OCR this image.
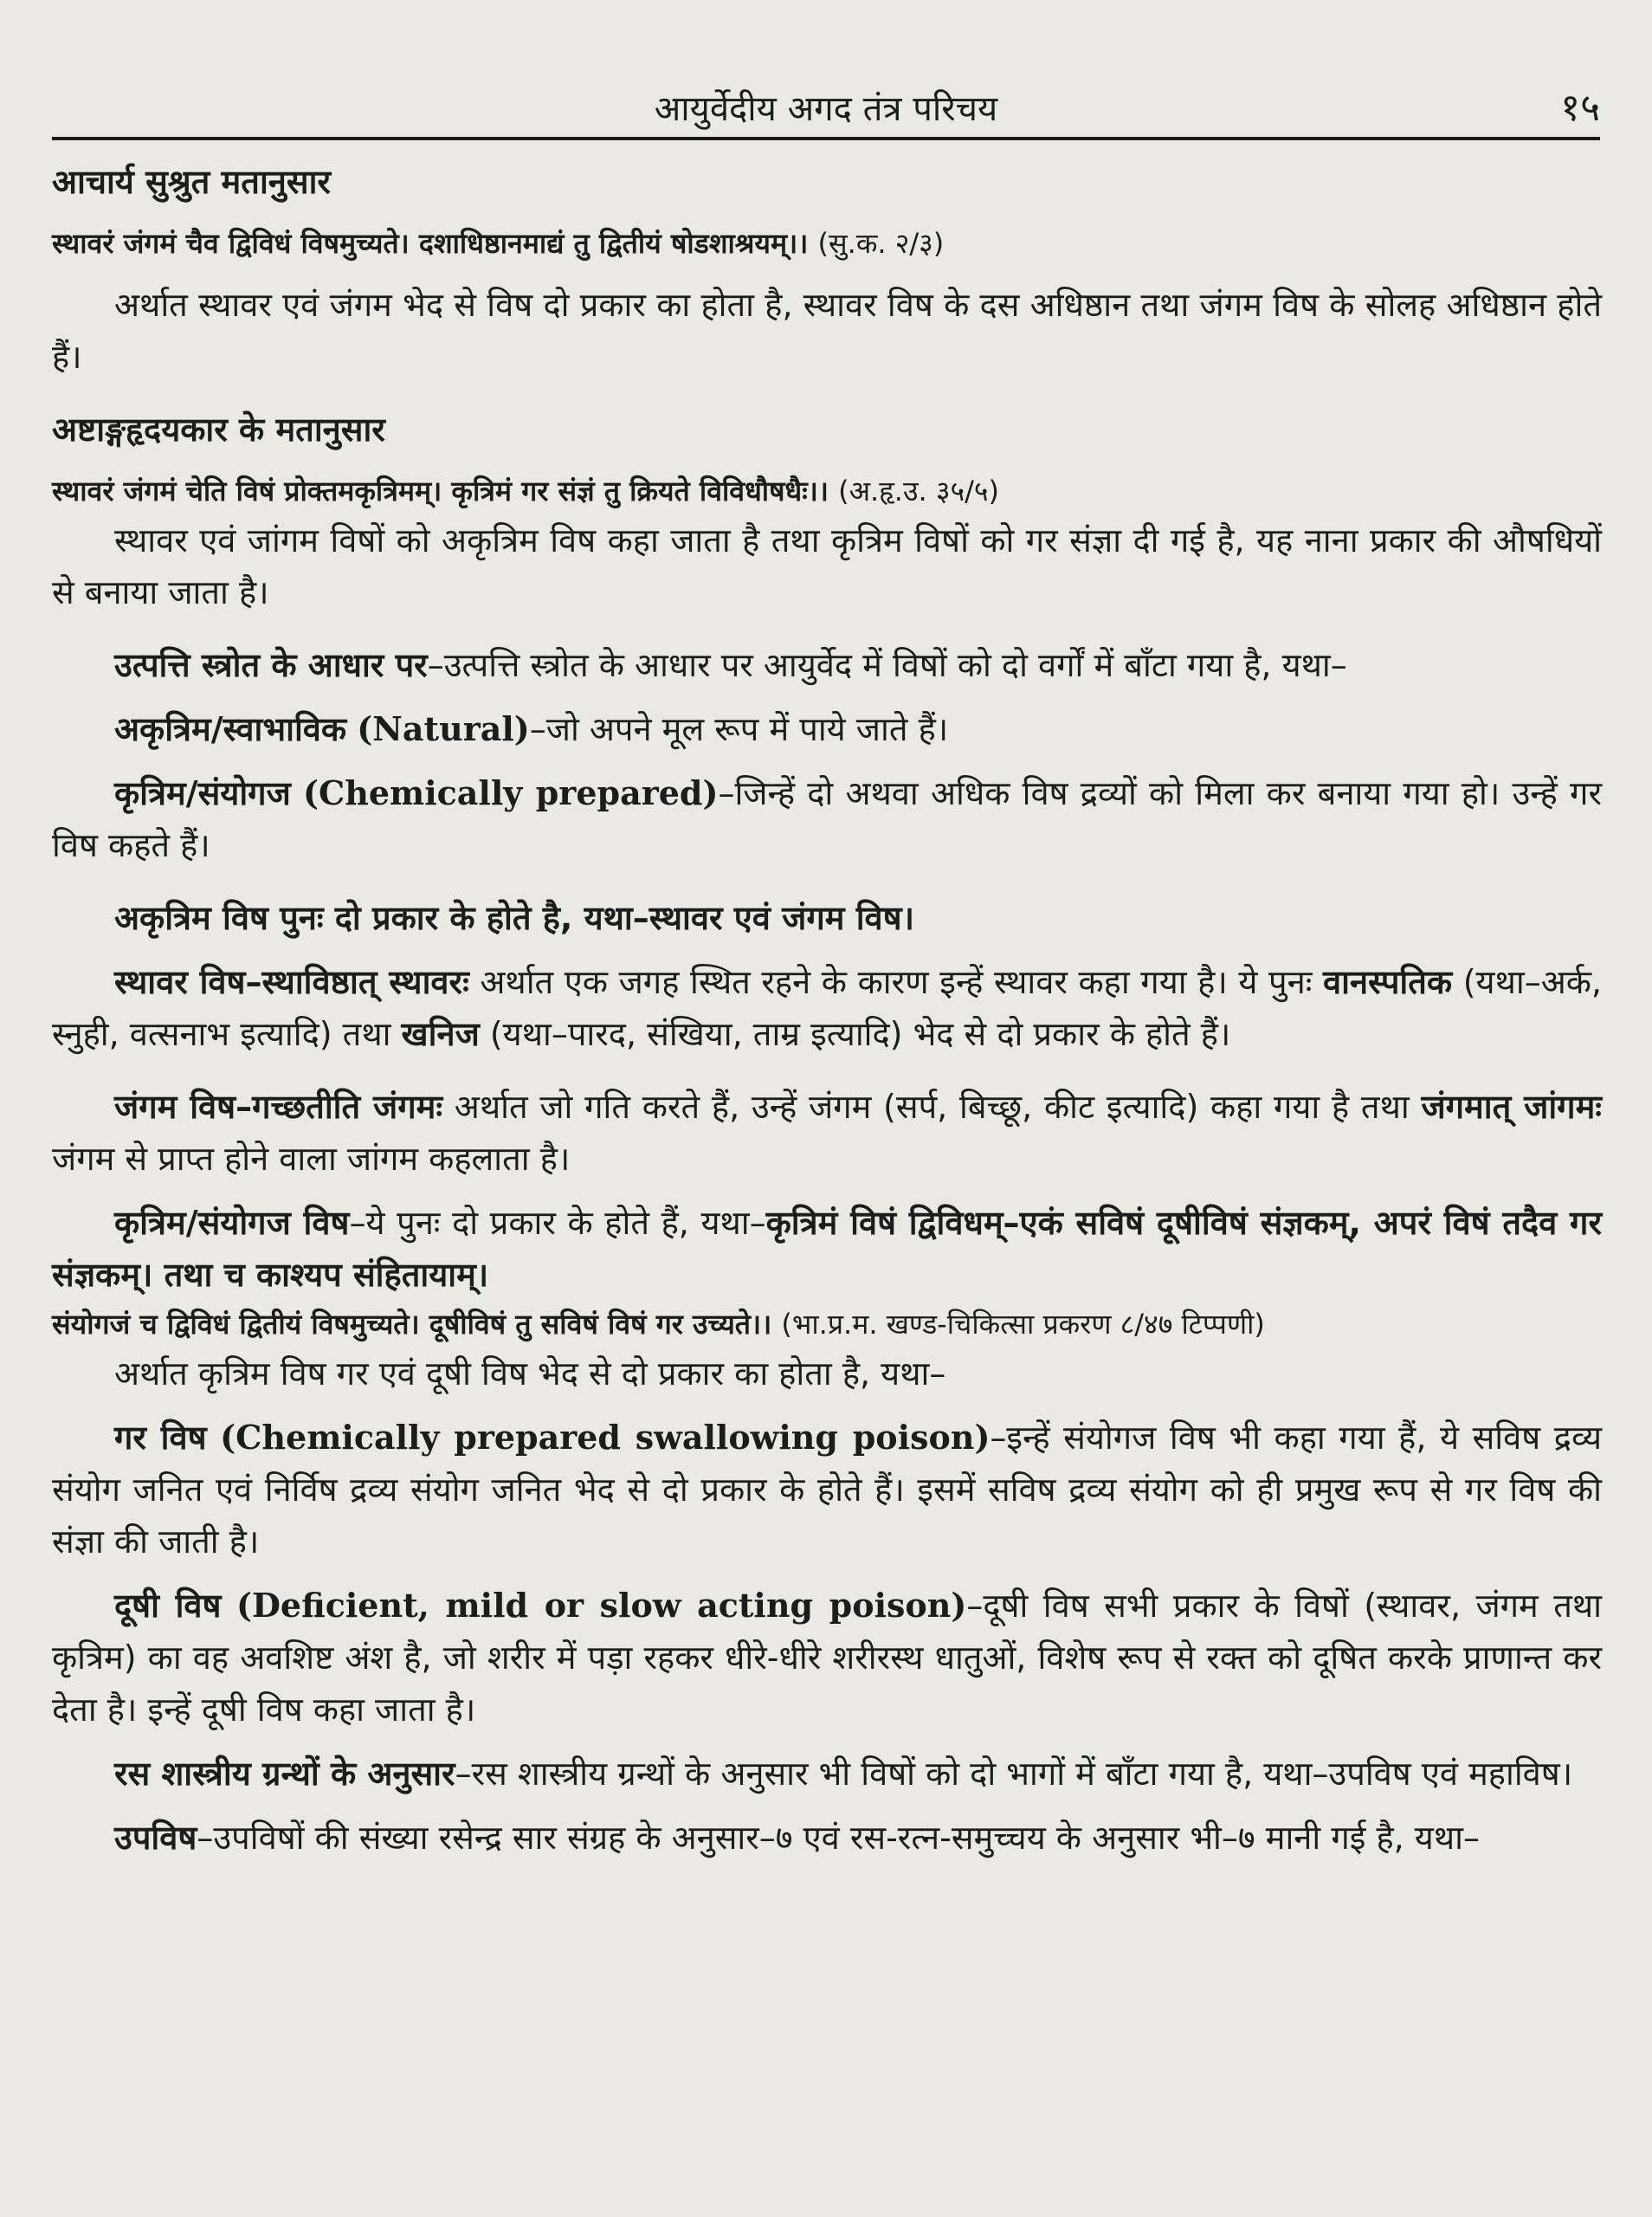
आयुर्वेदीय अगद तंत्र परिचय	१५

आचार्य सुश्रुत मतानुसार

स्थावरं जंगमं चैव द्विविधं विषमुच्यते। दशाधिष्ठानमाद्यं तु द्वितीयं षोडशाश्रयम्।। (सु.क. २/३)

अर्थात स्थावर एवं जंगम भेद से विष दो प्रकार का होता है, स्थावर विष के दस अधिष्ठान तथा जंगम विष के सोलह अधिष्ठान होते हैं।

अष्टाङ्गहृदयकार के मतानुसार

स्थावरं जंगमं चेति विषं प्रोक्तमकृत्रिमम्। कृत्रिमं गर संज्ञं तु क्रियते विविधौषधैः।। (अ.हृ.उ. ३५/५)

स्थावर एवं जांगम विषों को अकृत्रिम विष कहा जाता है तथा कृत्रिम विषों को गर संज्ञा दी गई है, यह नाना प्रकार की औषधियों से बनाया जाता है।

उत्पत्ति स्त्रोत के आधार पर–उत्पत्ति स्त्रोत के आधार पर आयुर्वेद में विषों को दो वर्गों में बाँटा गया है, यथा–

अकृत्रिम/स्वाभाविक (Natural)–जो अपने मूल रूप में पाये जाते हैं।

कृत्रिम/संयोगज (Chemically prepared)–जिन्हें दो अथवा अधिक विष द्रव्यों को मिला कर बनाया गया हो। उन्हें गर विष कहते हैं।

अकृत्रिम विष पुनः दो प्रकार के होते है, यथा–स्थावर एवं जंगम विष।

स्थावर विष–स्थाविष्ठात् स्थावरः अर्थात एक जगह स्थित रहने के कारण इन्हें स्थावर कहा गया है। ये पुनः वानस्पतिक (यथा–अर्क, स्नुही, वत्सनाभ इत्यादि) तथा खनिज (यथा–पारद, संखिया, ताम्र इत्यादि) भेद से दो प्रकार के होते हैं।

जंगम विष–गच्छतीति जंगमः अर्थात जो गति करते हैं, उन्हें जंगम (सर्प, बिच्छू, कीट इत्यादि) कहा गया है तथा जंगमात् जांगमः जंगम से प्राप्त होने वाला जांगम कहलाता है।

कृत्रिम/संयोगज विष–ये पुनः दो प्रकार के होते हैं, यथा–कृत्रिमं विषं द्विविधम्–एकं सविषं दूषीविषं संज्ञकम्, अपरं विषं तदैव गर संज्ञकम्। तथा च काश्यप संहितायाम्।

संयोगजं च द्विविधं द्वितीयं विषमुच्यते। दूषीविषं तु सविषं विषं गर उच्यते।। (भा.प्र.म. खण्ड-चिकित्सा प्रकरण ८/४७ टिप्पणी)

अर्थात कृत्रिम विष गर एवं दूषी विष भेद से दो प्रकार का होता है, यथा–

गर विष (Chemically prepared swallowing poison)–इन्हें संयोगज विष भी कहा गया हैं, ये सविष द्रव्य संयोग जनित एवं निर्विष द्रव्य संयोग जनित भेद से दो प्रकार के होते हैं। इसमें सविष द्रव्य संयोग को ही प्रमुख रूप से गर विष की संज्ञा की जाती है।

दूषी विष (Deficient, mild or slow acting poison)–दूषी विष सभी प्रकार के विषों (स्थावर, जंगम तथा कृत्रिम) का वह अवशिष्ट अंश है, जो शरीर में पड़ा रहकर धीरे-धीरे शरीरस्थ धातुओं, विशेष रूप से रक्त को दूषित करके प्राणान्त कर देता है। इन्हें दूषी विष कहा जाता है।

रस शास्त्रीय ग्रन्थों के अनुसार–रस शास्त्रीय ग्रन्थों के अनुसार भी विषों को दो भागों में बाँटा गया है, यथा–उपविष एवं महाविष।

उपविष–उपविषों की संख्या रसेन्द्र सार संग्रह के अनुसार–७ एवं रस-रत्न-समुच्चय के अनुसार भी–७ मानी गई है, यथा–
